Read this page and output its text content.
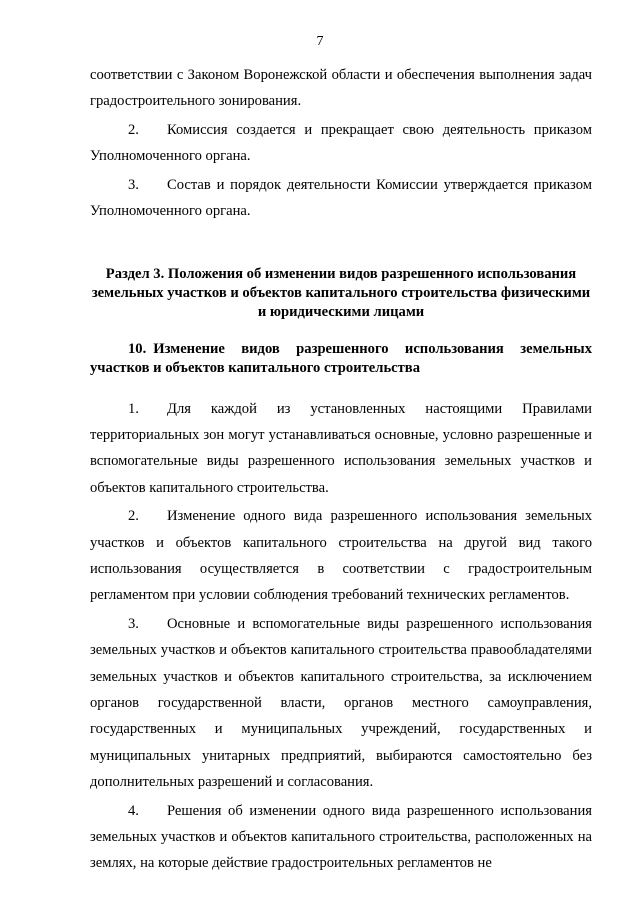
7

соответствии с Законом Воронежской области и обеспечения выполнения задач градостроительного зонирования.

2. Комиссия создается и прекращает свою деятельность приказом Уполномоченного органа.

3. Состав и порядок деятельности Комиссии утверждается приказом Уполномоченного органа.

Раздел 3. Положения об изменении видов разрешенного использования земельных участков и объектов капитального строительства физическими и юридическими лицами

10. Изменение видов разрешенного использования земельных участков и объектов капитального строительства

1. Для каждой из установленных настоящими Правилами территориальных зон могут устанавливаться основные, условно разрешенные и вспомогательные виды разрешенного использования земельных участков и объектов капитального строительства.

2. Изменение одного вида разрешенного использования земельных участков и объектов капитального строительства на другой вид такого использования осуществляется в соответствии с градостроительным регламентом при условии соблюдения требований технических регламентов.

3. Основные и вспомогательные виды разрешенного использования земельных участков и объектов капитального строительства правообладателями земельных участков и объектов капитального строительства, за исключением органов государственной власти, органов местного самоуправления, государственных и муниципальных учреждений, государственных и муниципальных унитарных предприятий, выбираются самостоятельно без дополнительных разрешений и согласования.

4. Решения об изменении одного вида разрешенного использования земельных участков и объектов капитального строительства, расположенных на землях, на которые действие градостроительных регламентов не
